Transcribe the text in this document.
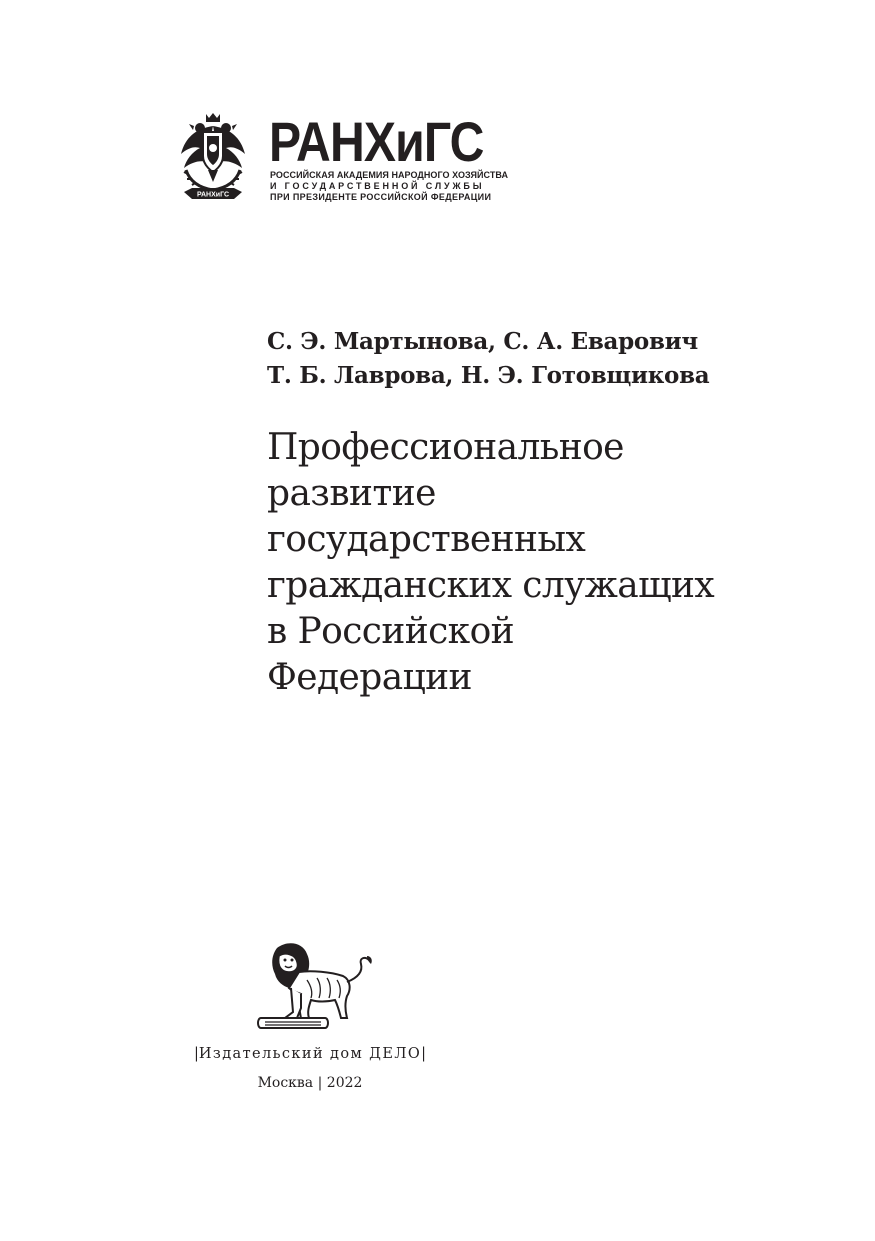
РАНХиГС
РАНХиГС
РОССИЙСКАЯ АКАДЕМИЯ НАРОДНОГО ХОЗЯЙСТВА
И ГОСУДАРСТВЕННОЙ СЛУЖБЫ
ПРИ ПРЕЗИДЕНТЕ РОССИЙСКОЙ ФЕДЕРАЦИИ
С. Э. Мартынова, С. А. Еварович
Т. Б. Лаврова, Н. Э. Готовщикова
Профессиональное
развитие
государственных
гражданских служащих
в Российской
Федерации
|Издательский дом ДЕЛО|
Москва | 2022
